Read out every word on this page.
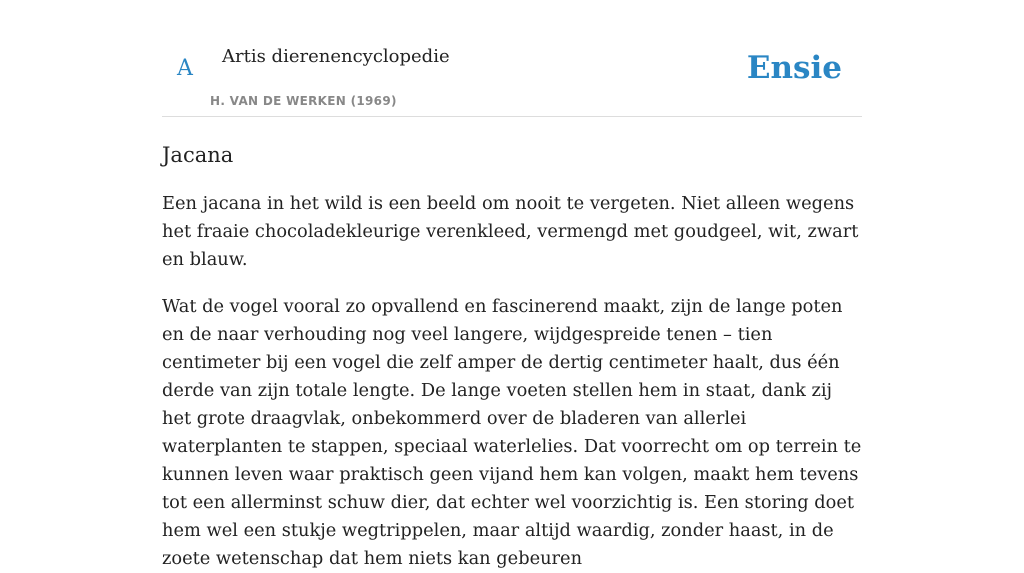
A Artis dierenencyclopedie
H. VAN DE WERKEN (1969)
Ensie
Jacana

Een jacana in het wild is een beeld om nooit te vergeten. Niet alleen wegens het fraaie chocoladekleurige verenkleed, vermengd met goudgeel, wit, zwart en blauw.

Wat de vogel vooral zo opvallend en fascinerend maakt, zijn de lange poten en de naar verhouding nog veel langere, wijdgespreide tenen – tien centimeter bij een vogel die zelf amper de dertig centimeter haalt, dus één derde van zijn totale lengte. De lange voeten stellen hem in staat, dank zij het grote draagvlak, onbekommerd over de bladeren van allerlei waterplanten te stappen, speciaal waterlelies. Dat voorrecht om op terrein te kunnen leven waar praktisch geen vijand hem kan volgen, maakt hem tevens tot een allerminst schuw dier, dat echter wel voorzichtig is. Een storing doet hem wel een stukje wegtrippelen, maar altijd waardig, zonder haast, in de zoete wetenschap dat hem niets kan gebeuren
